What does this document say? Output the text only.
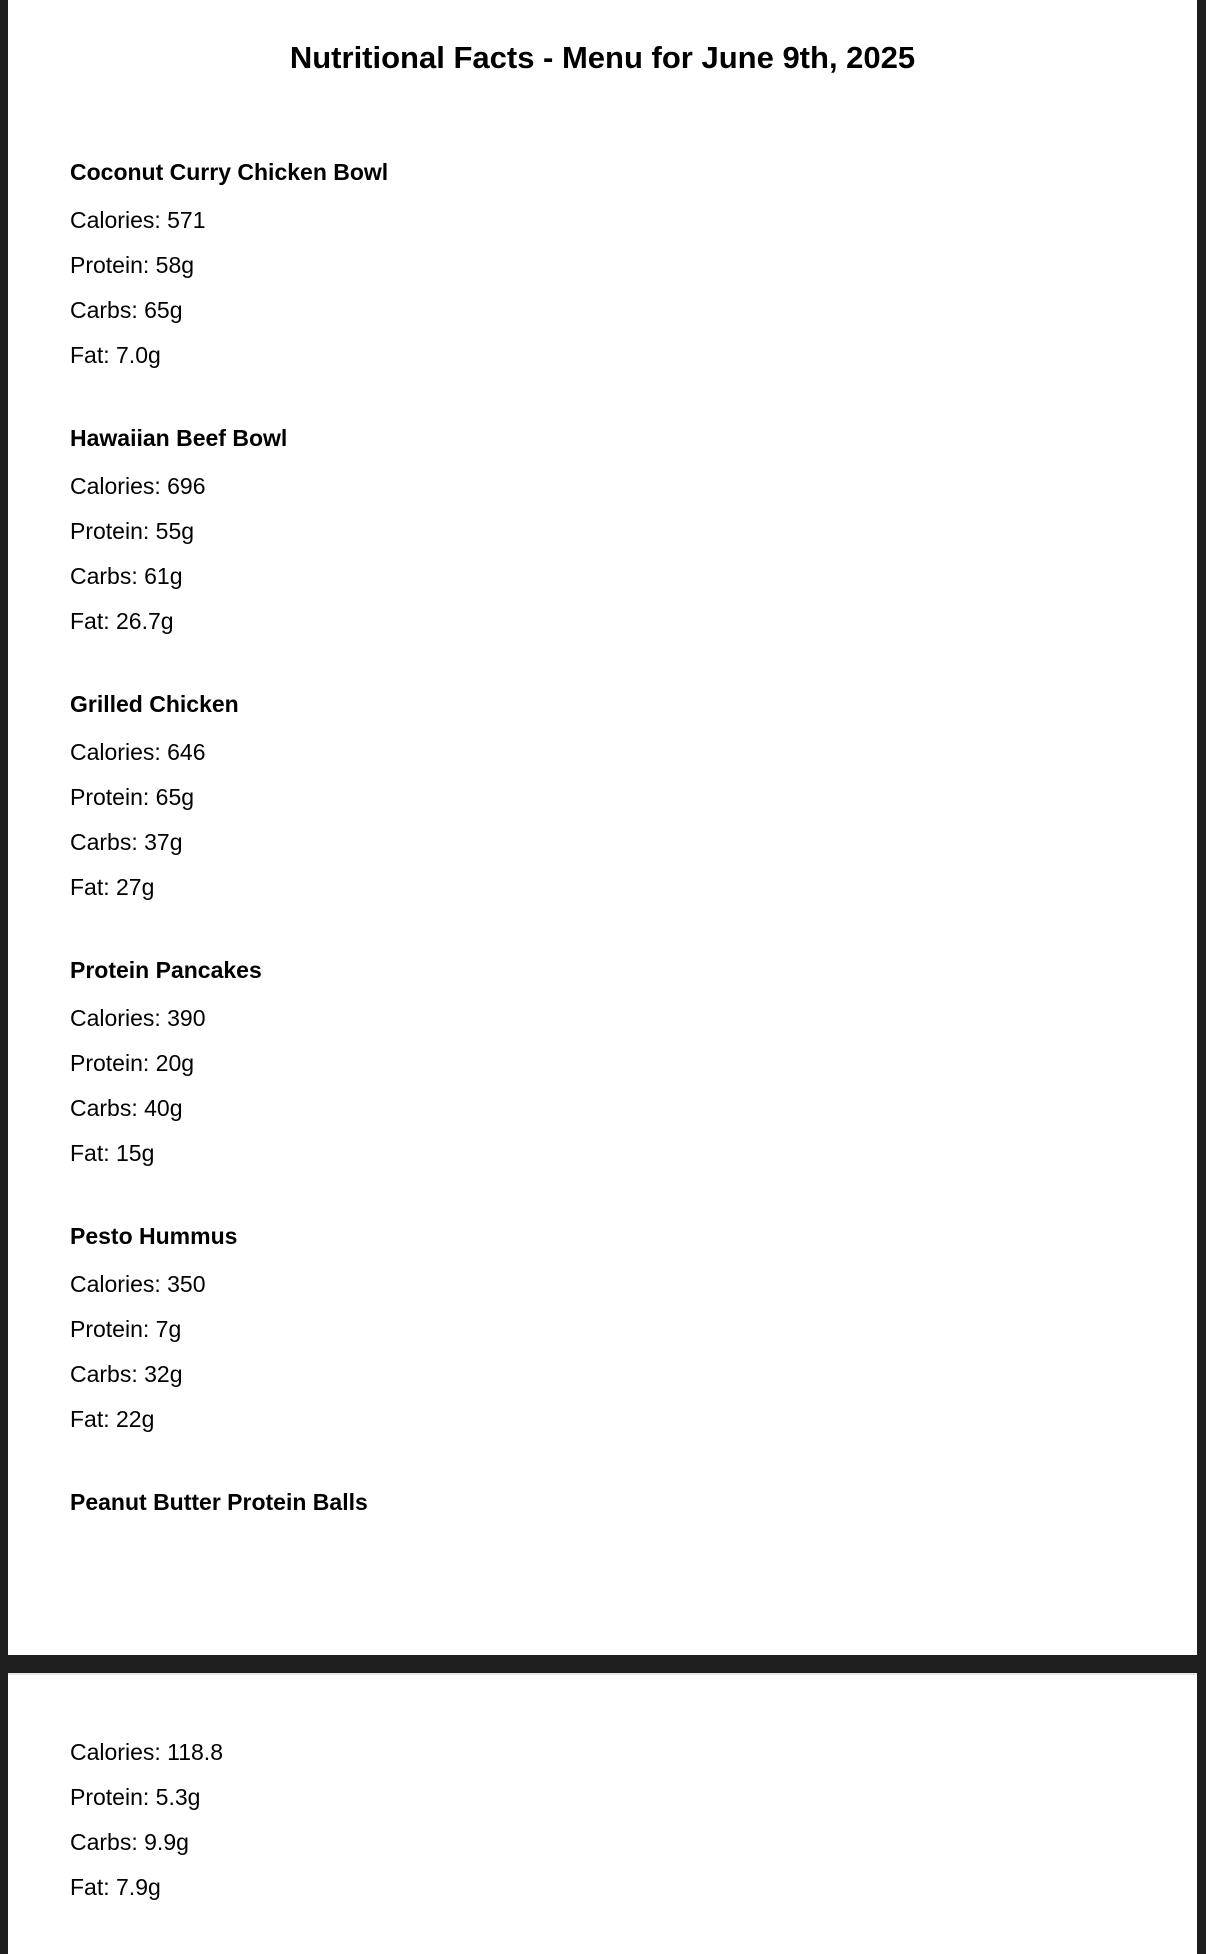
Nutritional Facts - Menu for June 9th, 2025

Coconut Curry Chicken Bowl

Calories: 571

Protein: 58g

Carbs: 65g

Fat: 7.0g

Hawaiian Beef Bowl

Calories: 696

Protein: 55g

Carbs: 61g

Fat: 26.7g

Grilled Chicken

Calories: 646

Protein: 65g

Carbs: 37g

Fat: 27g

Protein Pancakes

Calories: 390

Protein: 20g

Carbs: 40g

Fat: 15g

Pesto Hummus

Calories: 350

Protein: 7g

Carbs: 32g

Fat: 22g

Peanut Butter Protein Balls

Calories: 118.8

Protein: 5.3g

Carbs: 9.9g

Fat: 7.9g
